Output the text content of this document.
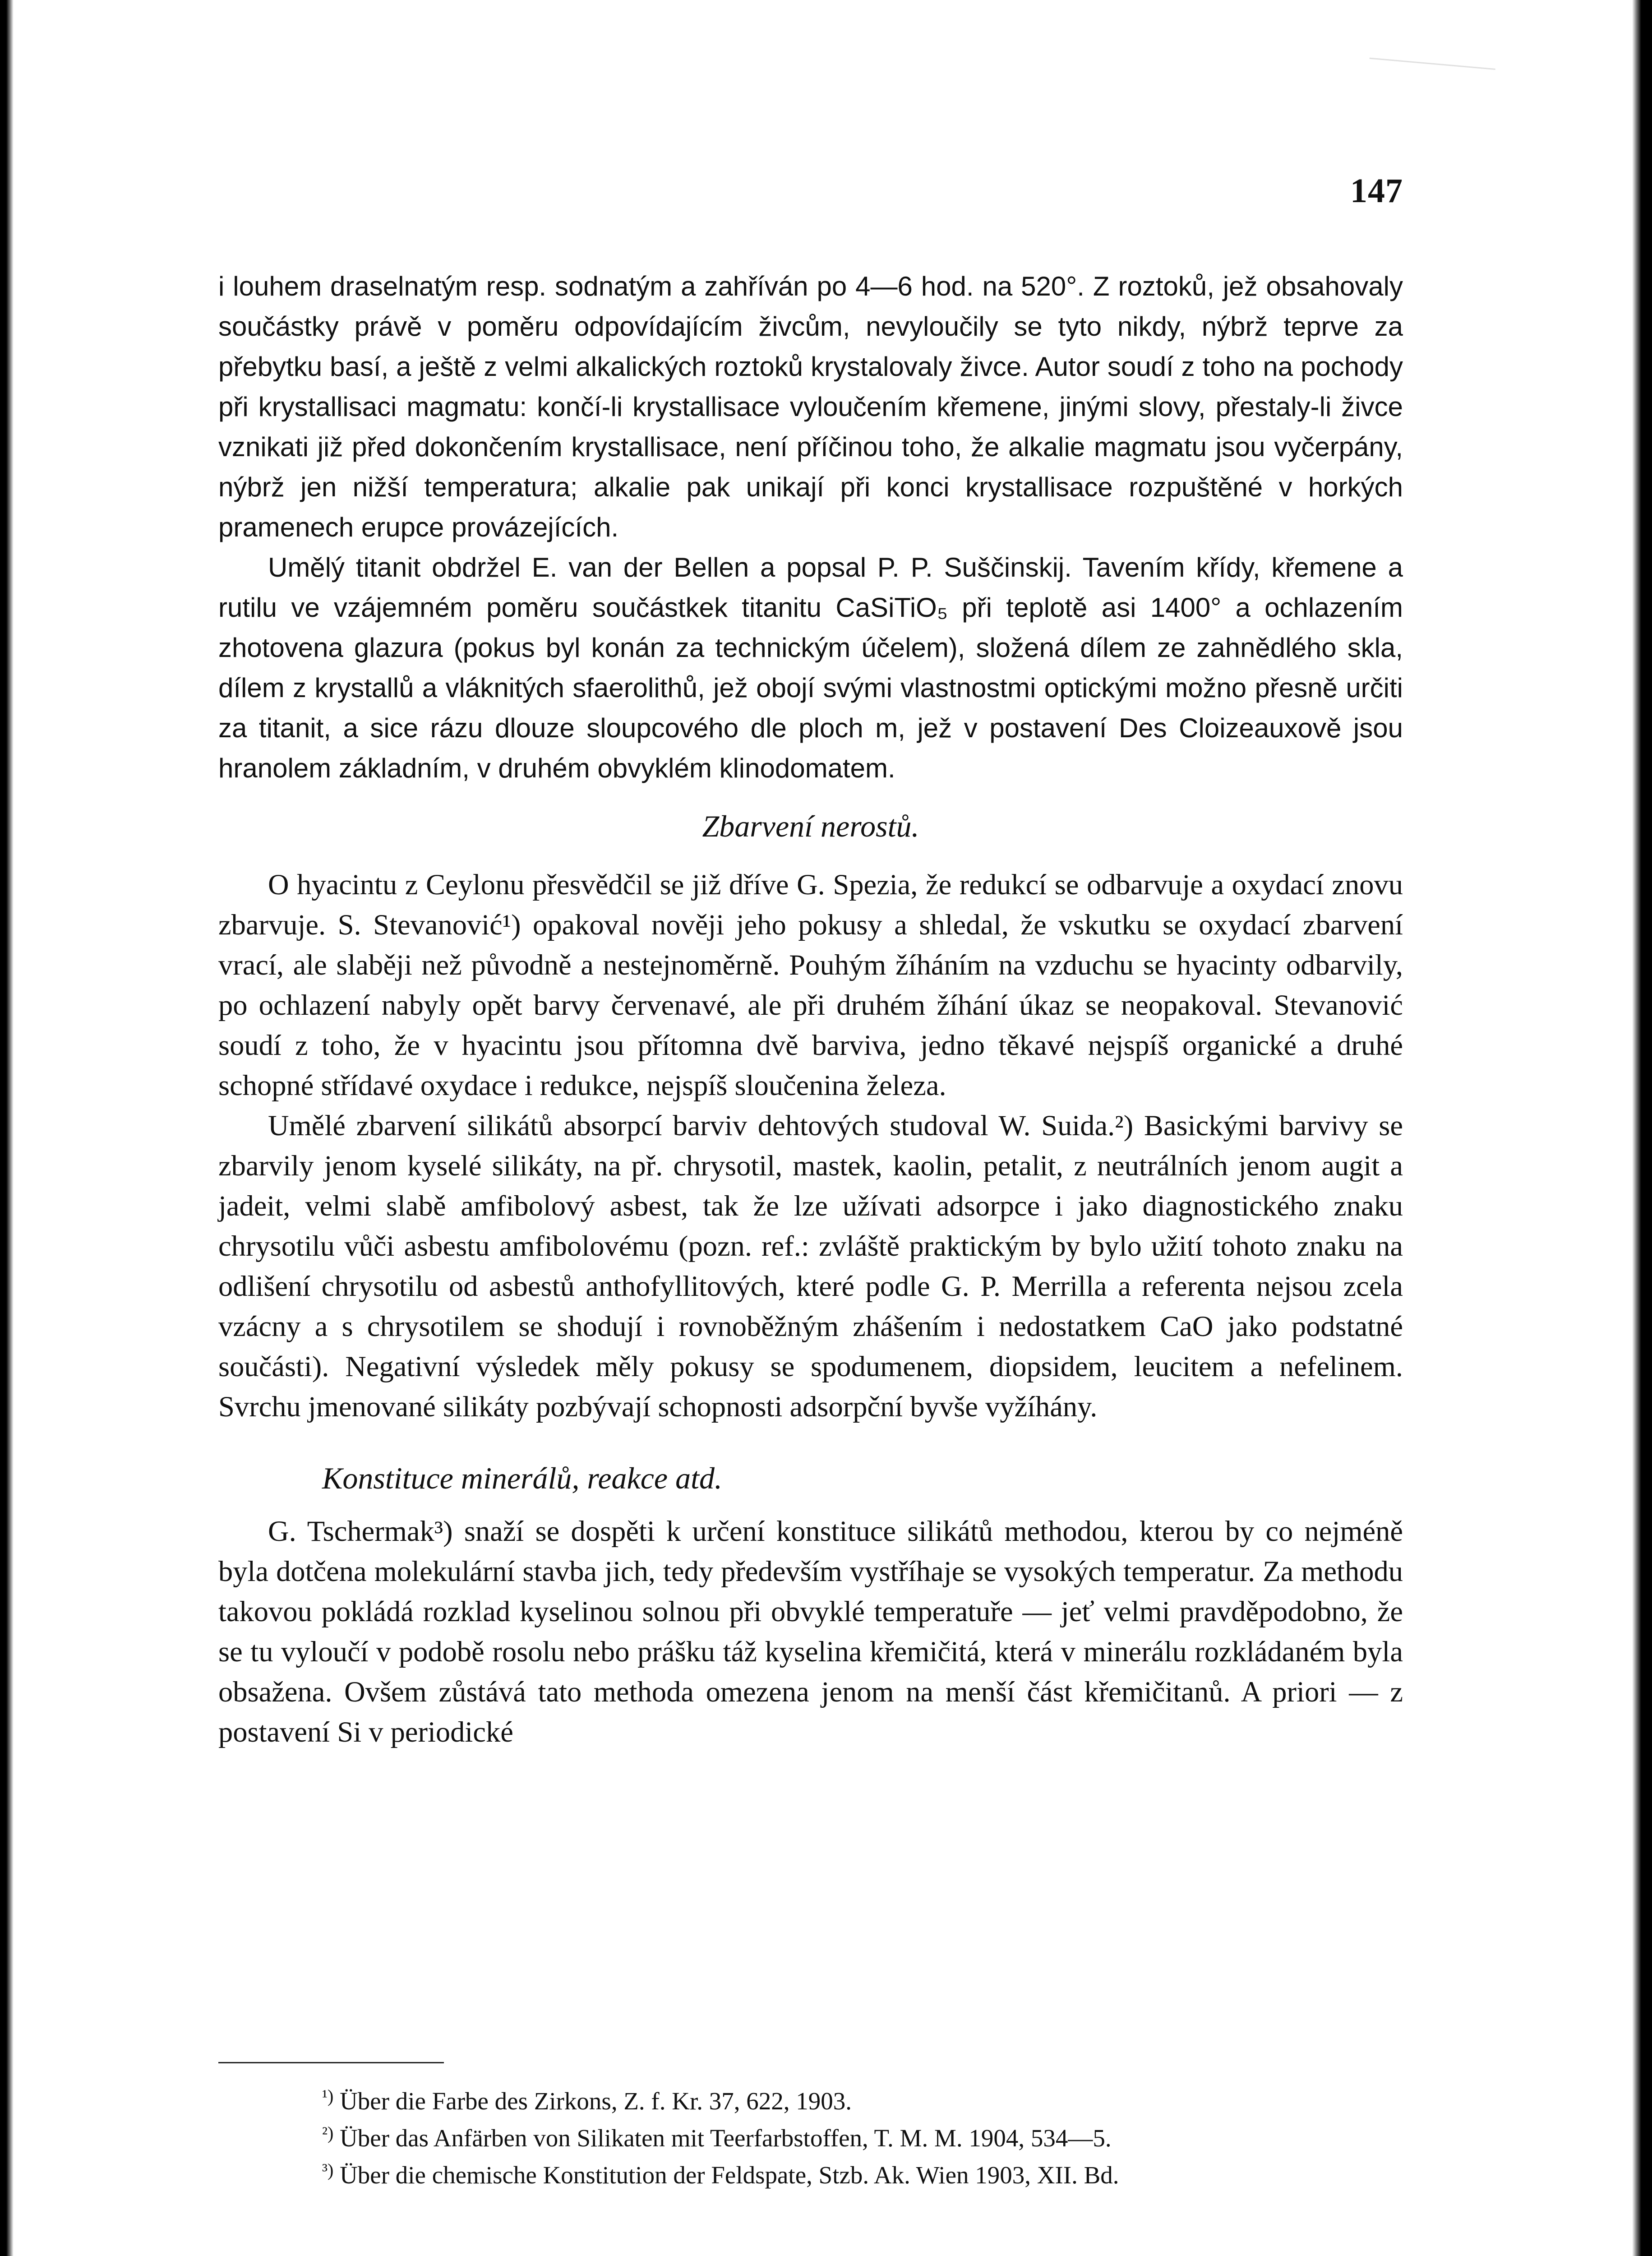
147

i louhem draselnatým resp. sodnatým a zahříván po 4—6 hod. na 520°. Z roztoků, jež obsahovaly součástky právě v poměru odpovídajícím živcům, nevyloučily se tyto nikdy, nýbrž teprve za přebytku basí, a ještě z velmi alkalických roztoků krystalovaly živce. Autor soudí z toho na pochody při krystallisaci magmatu: končí-li krystallisace vyloučením křemene, jinými slovy, přestaly-li živce vznikati již před dokončením krystallisace, není příčinou toho, že alkalie magmatu jsou vyčerpány, nýbrž jen nižší temperatura; alkalie pak unikají při konci krystallisace rozpuštěné v horkých pramenech erupce provázejících.

Umělý titanit obdržel E. van der Bellen a popsal P. P. Suščinskij. Tavením křídy, křemene a rutilu ve vzájemném poměru součástkek titanitu CaSiTiO₅ při teplotě asi 1400° a ochlazením zhotovena glazura (pokus byl konán za technickým účelem), složená dílem ze zahnědlého skla, dílem z krystallů a vláknitých sfaerolithů, jež obojí svými vlastnostmi optickými možno přesně určiti za titanit, a sice rázu dlouze sloupcového dle ploch m, jež v postavení Des Cloizeauxově jsou hranolem základním, v druhém obvyklém klinodomatem.

Zbarvení nerostů.

O hyacintu z Ceylonu přesvědčil se již dříve G. Spezia, že redukcí se odbarvuje a oxydací znovu zbarvuje. S. Stevanović¹) opakoval nověji jeho pokusy a shledal, že vskutku se oxydací zbarvení vrací, ale slaběji než původně a nestejnoměrně. Pouhým žíháním na vzduchu se hyacinty odbarvily, po ochlazení nabyly opět barvy červenavé, ale při druhém žíhání úkaz se neopakoval. Stevanović soudí z toho, že v hyacintu jsou přítomna dvě barviva, jedno těkavé nejspíš organické a druhé schopné střídavé oxydace i redukce, nejspíš sloučenina železa.

Umělé zbarvení silikátů absorpcí barviv dehtových studoval W. Suida.²) Basickými barvivy se zbarvily jenom kyselé silikáty, na př. chrysotil, mastek, kaolin, petalit, z neutrálních jenom augit a jadeit, velmi slabě amfibolový asbest, tak že lze užívati adsorpce i jako diagnostického znaku chrysotilu vůči asbestu amfibolovému (pozn. ref.: zvláště praktickým by bylo užití tohoto znaku na odlišení chrysotilu od asbestů anthofyllitových, které podle G. P. Merrilla a referenta nejsou zcela vzácny a s chrysotilem se shodují i rovnoběžným zhášením i nedostatkem CaO jako podstatné součásti). Negativní výsledek měly pokusy se spodumenem, diopsidem, leucitem a nefelinem. Svrchu jmenované silikáty pozbývají schopnosti adsorpční byvše vyžíhány.

Konstituce minerálů, reakce atd.

G. Tschermak³) snaží se dospěti k určení konstituce silikátů methodou, kterou by co nejméně byla dotčena molekulární stavba jich, tedy především vystříhaje se vysokých temperatur. Za methodu takovou pokládá rozklad kyselinou solnou při obvyklé temperatuře — jeť velmi pravděpodobno, že se tu vyloučí v podobě rosolu nebo prášku táž kyselina křemičitá, která v minerálu rozkládaném byla obsažena. Ovšem zůstává tato methoda omezena jenom na menší část křemičitanů. A priori — z postavení Si v periodické

$^{^1)}$ Über die Farbe des Zirkons, Z. f. Kr. 37, 622, 1903.

$^{^2)}$ Über das Anfärben von Silikaten mit Teerfarbstoffen, T. M. M. 1904, 534—5.

$^{^3)}$ Über die chemische Konstitution der Feldspate, Stzb. Ak. Wien 1903, XII. Bd.
